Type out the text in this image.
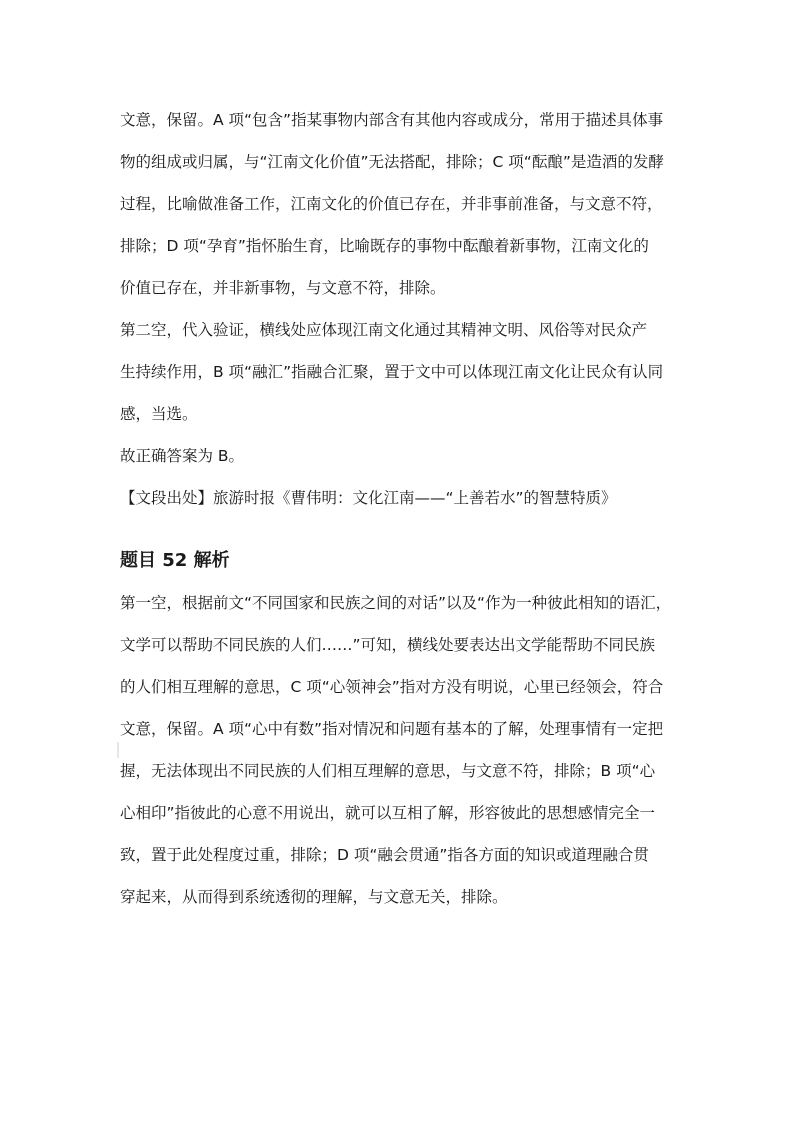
文意，保留。A 项“包含”指某事物内部含有其他内容或成分，常用于描述具体事
物的组成或归属，与“江南文化价值”无法搭配，排除；C 项“酝酿”是造酒的发酵
过程，比喻做准备工作，江南文化的价值已存在，并非事前准备，与文意不符，
排除；D 项“孕育”指怀胎生育，比喻既存的事物中酝酿着新事物，江南文化的
价值已存在，并非新事物，与文意不符，排除。
第二空，代入验证，横线处应体现江南文化通过其精神文明、风俗等对民众产
生持续作用，B 项“融汇”指融合汇聚，置于文中可以体现江南文化让民众有认同
感，当选。
故正确答案为 B。
【文段出处】旅游时报《曹伟明：文化江南——“上善若水”的智慧特质》
题目 52 解析
第一空，根据前文“不同国家和民族之间的对话”以及“作为一种彼此相知的语汇，
文学可以帮助不同民族的人们……”可知，横线处要表达出文学能帮助不同民族
的人们相互理解的意思，C 项“心领神会”指对方没有明说，心里已经领会，符合
文意，保留。A 项“心中有数”指对情况和问题有基本的了解，处理事情有一定把
握，无法体现出不同民族的人们相互理解的意思，与文意不符，排除；B 项“心
心相印”指彼此的心意不用说出，就可以互相了解，形容彼此的思想感情完全一
致，置于此处程度过重，排除；D 项“融会贯通”指各方面的知识或道理融合贯
穿起来，从而得到系统透彻的理解，与文意无关，排除。
